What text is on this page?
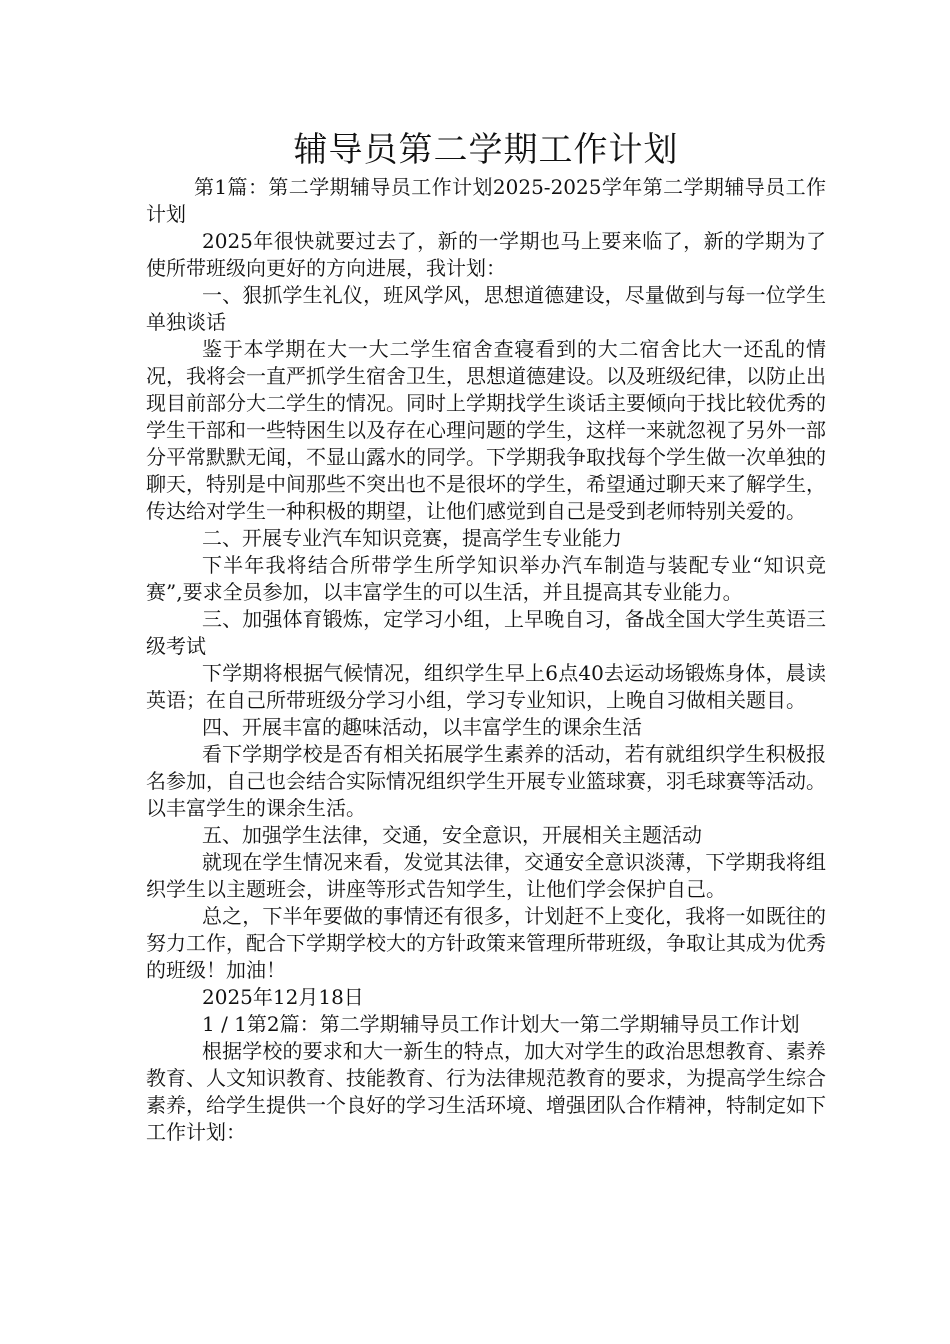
辅导员第二学期工作计划

第1篇：第二学期辅导员工作计划2025-2025学年第二学期辅导员工作计划

2025年很快就要过去了，新的一学期也马上要来临了，新的学期为了使所带班级向更好的方向进展，我计划：

一、狠抓学生礼仪，班风学风，思想道德建设，尽量做到与每一位学生单独谈话

鉴于本学期在大一大二学生宿舍查寝看到的大二宿舍比大一还乱的情况，我将会一直严抓学生宿舍卫生，思想道德建设。以及班级纪律，以防止出现目前部分大二学生的情况。同时上学期找学生谈话主要倾向于找比较优秀的学生干部和一些特困生以及存在心理问题的学生，这样一来就忽视了另外一部分平常默默无闻，不显山露水的同学。下学期我争取找每个学生做一次单独的聊天，特别是中间那些不突出也不是很坏的学生，希望通过聊天来了解学生，传达给对学生一种积极的期望，让他们感觉到自己是受到老师特别关爱的。

二、开展专业汽车知识竞赛，提高学生专业能力

下半年我将结合所带学生所学知识举办汽车制造与装配专业“知识竞赛”,要求全员参加，以丰富学生的可以生活，并且提高其专业能力。

三、加强体育锻炼，定学习小组，上早晚自习，备战全国大学生英语三级考试

下学期将根据气候情况，组织学生早上6点40去运动场锻炼身体，晨读英语；在自己所带班级分学习小组，学习专业知识，上晚自习做相关题目。

四、开展丰富的趣味活动，以丰富学生的课余生活

看下学期学校是否有相关拓展学生素养的活动，若有就组织学生积极报名参加，自己也会结合实际情况组织学生开展专业篮球赛，羽毛球赛等活动。以丰富学生的课余生活。

五、加强学生法律，交通，安全意识，开展相关主题活动

就现在学生情况来看，发觉其法律，交通安全意识淡薄，下学期我将组织学生以主题班会，讲座等形式告知学生，让他们学会保护自己。

总之，下半年要做的事情还有很多，计划赶不上变化，我将一如既往的努力工作，配合下学期学校大的方针政策来管理所带班级，争取让其成为优秀的班级！加油！

2025年12月18日

1 / 1第2篇：第二学期辅导员工作计划大一第二学期辅导员工作计划

根据学校的要求和大一新生的特点，加大对学生的政治思想教育、素养教育、人文知识教育、技能教育、行为法律规范教育的要求，为提高学生综合素养，给学生提供一个良好的学习生活环境、增强团队合作精神，特制定如下工作计划：
